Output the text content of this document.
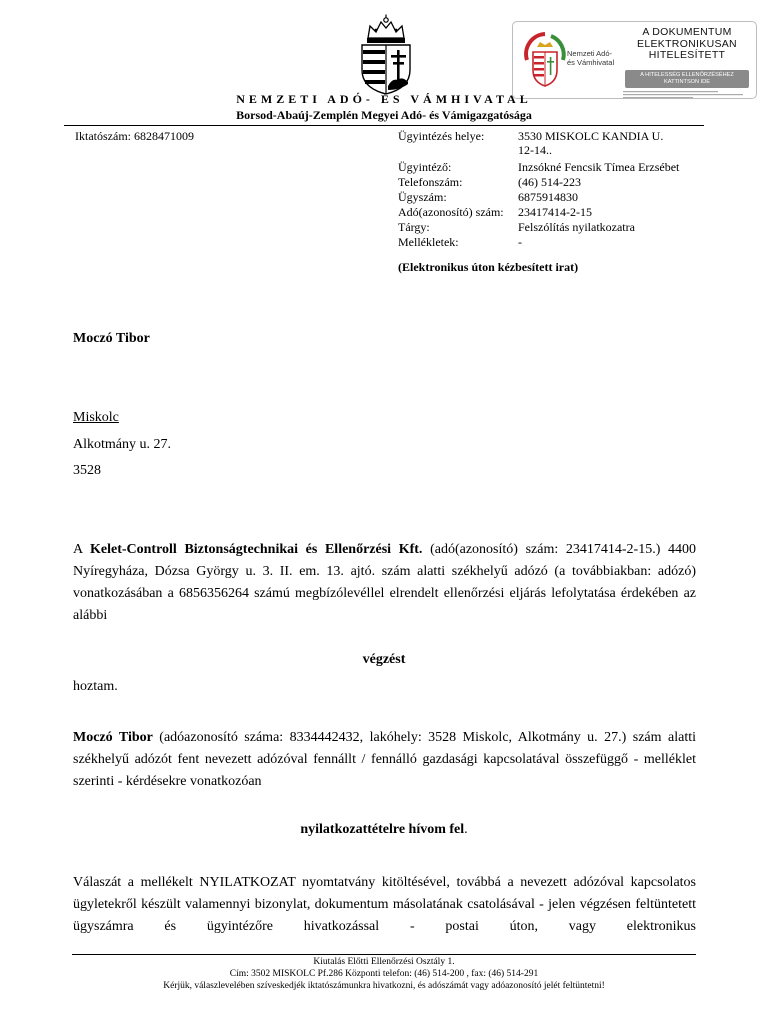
Nemzeti Adó-
és Vámhivatal
A DOKUMENTUM
ELEKTRONIKUSAN
HITELESÍTETT
A HITELESSÉG ELLENŐRZÉSÉHEZ
KATTINTSON IDE
NEMZETI ADÓ- ÉS VÁMHIVATAL
Borsod-Abaúj-Zemplén Megyei Adó- és Vámigazgatósága
Iktatószám: 6828471009	Ügyintézés helye:	3530 MISKOLC KANDIA U.
12-14..
Ügyintéző:	Inzsókné Fencsik Tímea Erzsébet
Telefonszám:	(46) 514-223
Ügyszám:	6875914830
Adó(azonosító) szám:	23417414-2-15
Tárgy:	Felszólítás nyilatkozatra
Mellékletek:	-
(Elektronikus úton kézbesített irat)
Moczó Tibor
Miskolc
Alkotmány u. 27.
3528
A Kelet-Controll Biztonságtechnikai és Ellenőrzési Kft. (adó(azonosító) szám: 23417414-2-15.) 4400 Nyíregyháza, Dózsa György u. 3. II. em. 13. ajtó. szám alatti székhelyű adózó (a továbbiakban: adózó) vonatkozásában a 6856356264 számú megbízólevéllel elrendelt ellenőrzési eljárás lefolytatása érdekében az alábbi
végzést
hoztam.
Moczó Tibor (adóazonosító száma: 8334442432, lakóhely: 3528 Miskolc, Alkotmány u. 27.) szám alatti székhelyű adózót fent nevezett adózóval fennállt / fennálló gazdasági kapcsolatával összefüggő - melléklet szerinti - kérdésekre vonatkozóan
nyilatkozattételre hívom fel.
Válaszát a mellékelt NYILATKOZAT nyomtatvány kitöltésével, továbbá a nevezett adózóval kapcsolatos ügyletekről készült valamennyi bizonylat, dokumentum másolatának csatolásával - jelen végzésen feltüntetett ügyszámra és ügyintézőre hivatkozással - postai úton, vagy elektronikus
Kiutalás Előtti Ellenőrzési Osztály 1.
Cím: 3502 MISKOLC Pf.286 Központi telefon: (46) 514-200 , fax: (46) 514-291
Kérjük, válaszlevelében szíveskedjék iktatószámunkra hivatkozni, és adószámát vagy adóazonosító jelét feltüntetni!
